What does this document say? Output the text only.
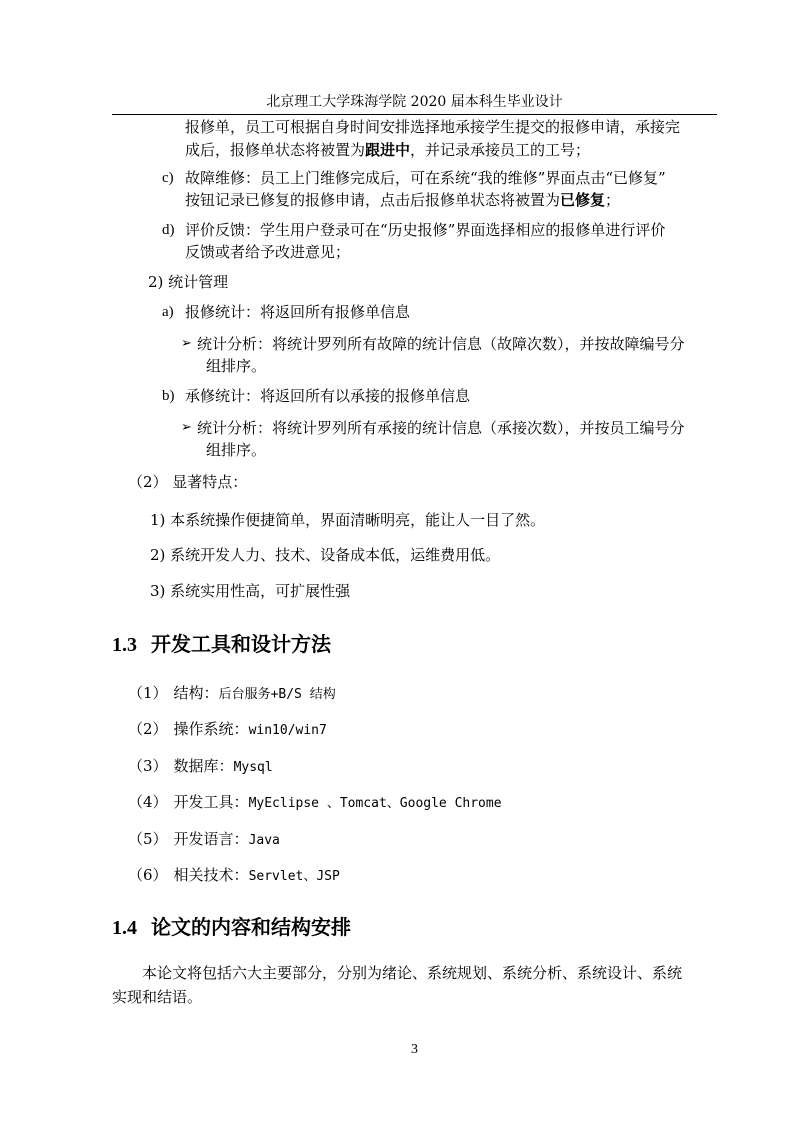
北京理工大学珠海学院 2020 届本科生毕业设计
报修单，员工可根据自身时间安排选择地承接学生提交的报修申请，承接完
成后，报修单状态将被置为跟进中，并记录承接员工的工号；
c) 故障维修：员工上门维修完成后，可在系统“我的维修”界面点击“已修复”
按钮记录已修复的报修申请，点击后报修单状态将被置为已修复；
d) 评价反馈：学生用户登录可在“历史报修”界面选择相应的报修单进行评价
反馈或者给予改进意见；
2) 统计管理
a) 报修统计：将返回所有报修单信息
➢ 统计分析：将统计罗列所有故障的统计信息（故障次数），并按故障编号分
组排序。
b) 承修统计：将返回所有以承接的报修单信息
➢ 统计分析：将统计罗列所有承接的统计信息（承接次数），并按员工编号分
组排序。
（2） 显著特点：
1) 本系统操作便捷简单，界面清晰明亮，能让人一目了然。
2) 系统开发人力、技术、设备成本低，运维费用低。
3) 系统实用性高，可扩展性强
1.3 开发工具和设计方法
（1） 结构：后台服务+B/S 结构
（2） 操作系统：win10/win7
（3） 数据库：Mysql
（4） 开发工具：MyEclipse 、Tomcat、Google Chrome
（5） 开发语言：Java
（6） 相关技术：Servlet、JSP
1.4 论文的内容和结构安排
本论文将包括六大主要部分，分别为绪论、系统规划、系统分析、系统设计、系统
实现和结语。
3
